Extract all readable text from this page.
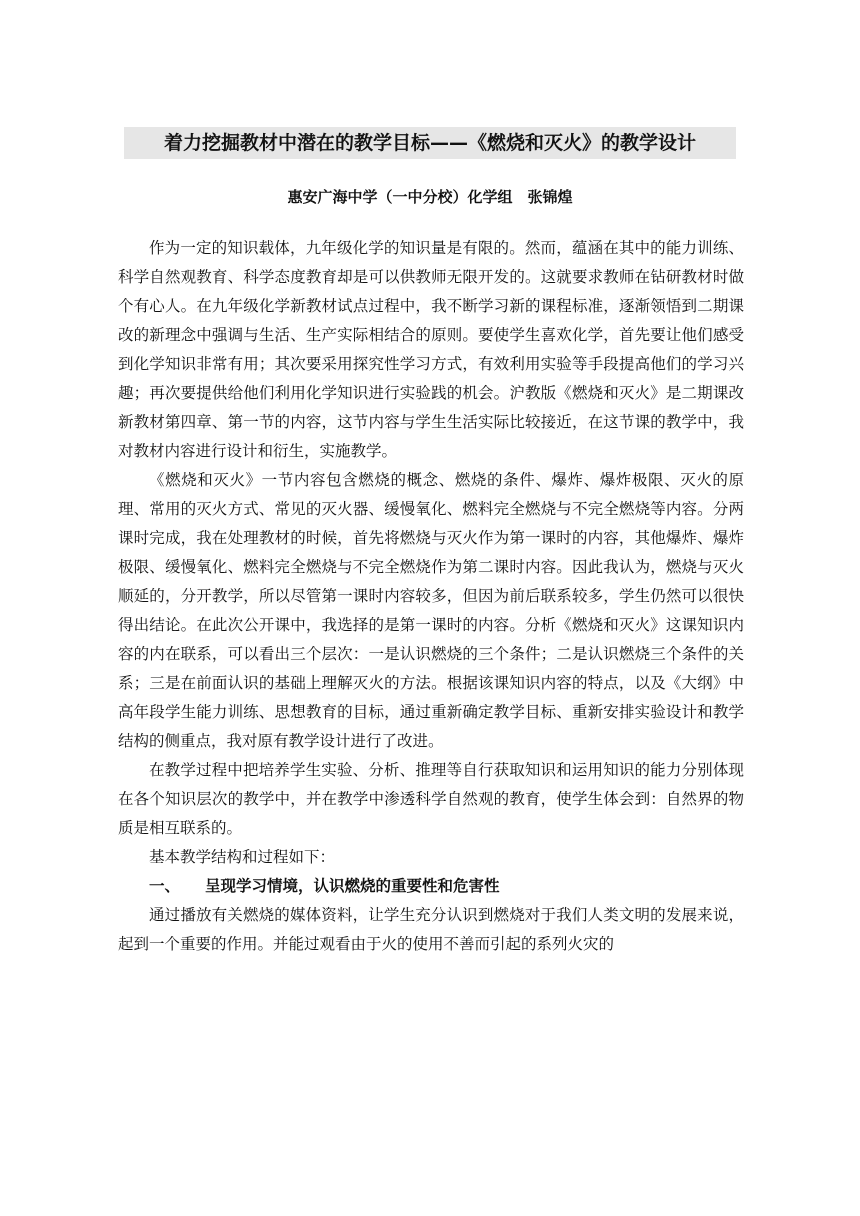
着力挖掘教材中潜在的教学目标——《燃烧和灭火》的教学设计
惠安广海中学（一中分校）化学组　张锦煌

作为一定的知识载体，九年级化学的知识量是有限的。然而，蕴涵在其中的能力训练、科学自然观教育、科学态度教育却是可以供教师无限开发的。这就要求教师在钻研教材时做个有心人。在九年级化学新教材试点过程中，我不断学习新的课程标准，逐渐领悟到二期课改的新理念中强调与生活、生产实际相结合的原则。要使学生喜欢化学，首先要让他们感受到化学知识非常有用；其次要采用探究性学习方式，有效利用实验等手段提高他们的学习兴趣；再次要提供给他们利用化学知识进行实验践的机会。沪教版《燃烧和灭火》是二期课改新教材第四章、第一节的内容，这节内容与学生生活实际比较接近，在这节课的教学中，我对教材内容进行设计和衍生，实施教学。

《燃烧和灭火》一节内容包含燃烧的概念、燃烧的条件、爆炸、爆炸极限、灭火的原理、常用的灭火方式、常见的灭火器、缓慢氧化、燃料完全燃烧与不完全燃烧等内容。分两课时完成，我在处理教材的时候，首先将燃烧与灭火作为第一课时的内容，其他爆炸、爆炸极限、缓慢氧化、燃料完全燃烧与不完全燃烧作为第二课时内容。因此我认为，燃烧与灭火顺延的，分开教学，所以尽管第一课时内容较多，但因为前后联系较多，学生仍然可以很快得出结论。在此次公开课中，我选择的是第一课时的内容。分析《燃烧和灭火》这课知识内容的内在联系，可以看出三个层次：一是认识燃烧的三个条件；二是认识燃烧三个条件的关系；三是在前面认识的基础上理解灭火的方法。根据该课知识内容的特点，以及《大纲》中高年段学生能力训练、思想教育的目标，通过重新确定教学目标、重新安排实验设计和教学结构的侧重点，我对原有教学设计进行了改进。

在教学过程中把培养学生实验、分析、推理等自行获取知识和运用知识的能力分别体现在各个知识层次的教学中，并在教学中渗透科学自然观的教育，使学生体会到：自然界的物质是相互联系的。

基本教学结构和过程如下：

一、	呈现学习情境，认识燃烧的重要性和危害性

通过播放有关燃烧的媒体资料，让学生充分认识到燃烧对于我们人类文明的发展来说，起到一个重要的作用。并能过观看由于火的使用不善而引起的系列火灾的
